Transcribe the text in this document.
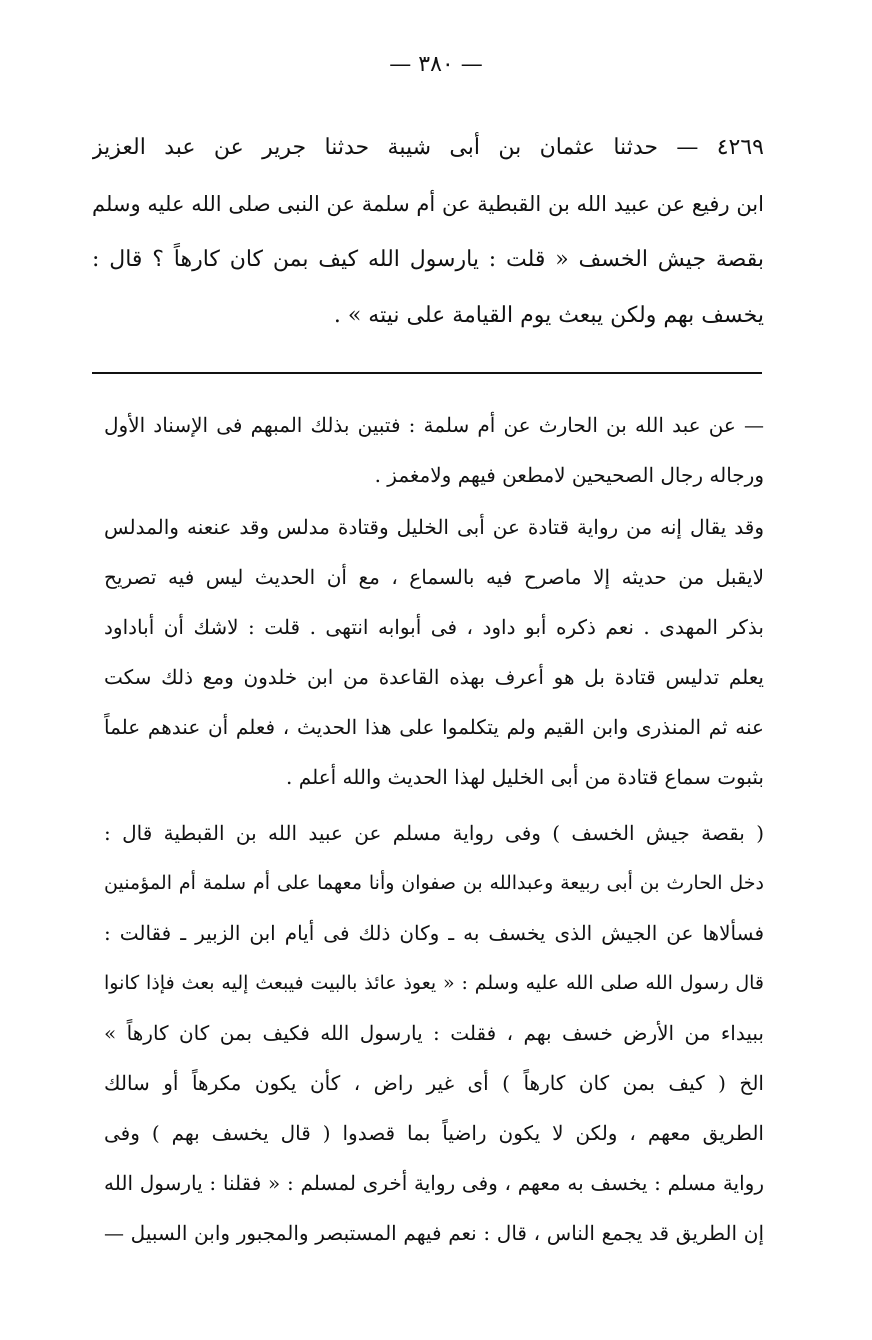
— ٣٨٠ —
٤٢٦٩ — حدثنا عثمان بن أبى شيبة حدثنا جرير عن عبد العزيز
ابن رفيع عن عبيد الله بن القبطية عن أم سلمة عن النبى صلى الله عليه وسلم
بقصة جيش الخسف « قلت : يارسول الله كيف بمن كان كارهاً ؟ قال :
يخسف بهم ولكن يبعث يوم القيامة على نيته » .
— عن عبد الله بن الحارث عن أم سلمة : فتبين بذلك المبهم فى الإسناد الأول
ورجاله رجال الصحيحين لامطعن فيهم ولامغمز .
وقد يقال إنه من رواية قتادة عن أبى الخليل وقتادة مدلس وقد عنعنه والمدلس
لايقبل من حديثه إلا ماصرح فيه بالسماع ، مع أن الحديث ليس فيه تصريح
بذكر المهدى . نعم ذكره أبو داود ، فى أبوابه انتهى . قلت : لاشك أن أباداود
يعلم تدليس قتادة بل هو أعرف بهذه القاعدة من ابن خلدون ومع ذلك سكت
عنه ثم المنذرى وابن القيم ولم يتكلموا على هذا الحديث ، فعلم أن عندهم علماً
بثبوت سماع قتادة من أبى الخليل لهذا الحديث والله أعلم .
( بقصة جيش الخسف ) وفى رواية مسلم عن عبيد الله بن القبطية قال :
دخل الحارث بن أبى ربيعة وعبدالله بن صفوان وأنا معهما على أم سلمة أم المؤمنين
فسألاها عن الجيش الذى يخسف به ـ وكان ذلك فى أيام ابن الزبير ـ فقالت :
قال رسول الله صلى الله عليه وسلم : « يعوذ عائذ بالبيت فيبعث إليه بعث فإذا كانوا
ببيداء من الأرض خسف بهم ، فقلت : يارسول الله فكيف بمن كان كارهاً »
الخ ( كيف بمن كان كارهاً ) أى غير راض ، كأن يكون مكرهاً أو سالك
الطريق معهم ، ولكن لا يكون راضياً بما قصدوا ( قال يخسف بهم ) وفى
رواية مسلم : يخسف به معهم ، وفى رواية أخرى لمسلم : « فقلنا : يارسول الله
إن الطريق قد يجمع الناس ، قال : نعم فيهم المستبصر والمجبور وابن السبيل —
